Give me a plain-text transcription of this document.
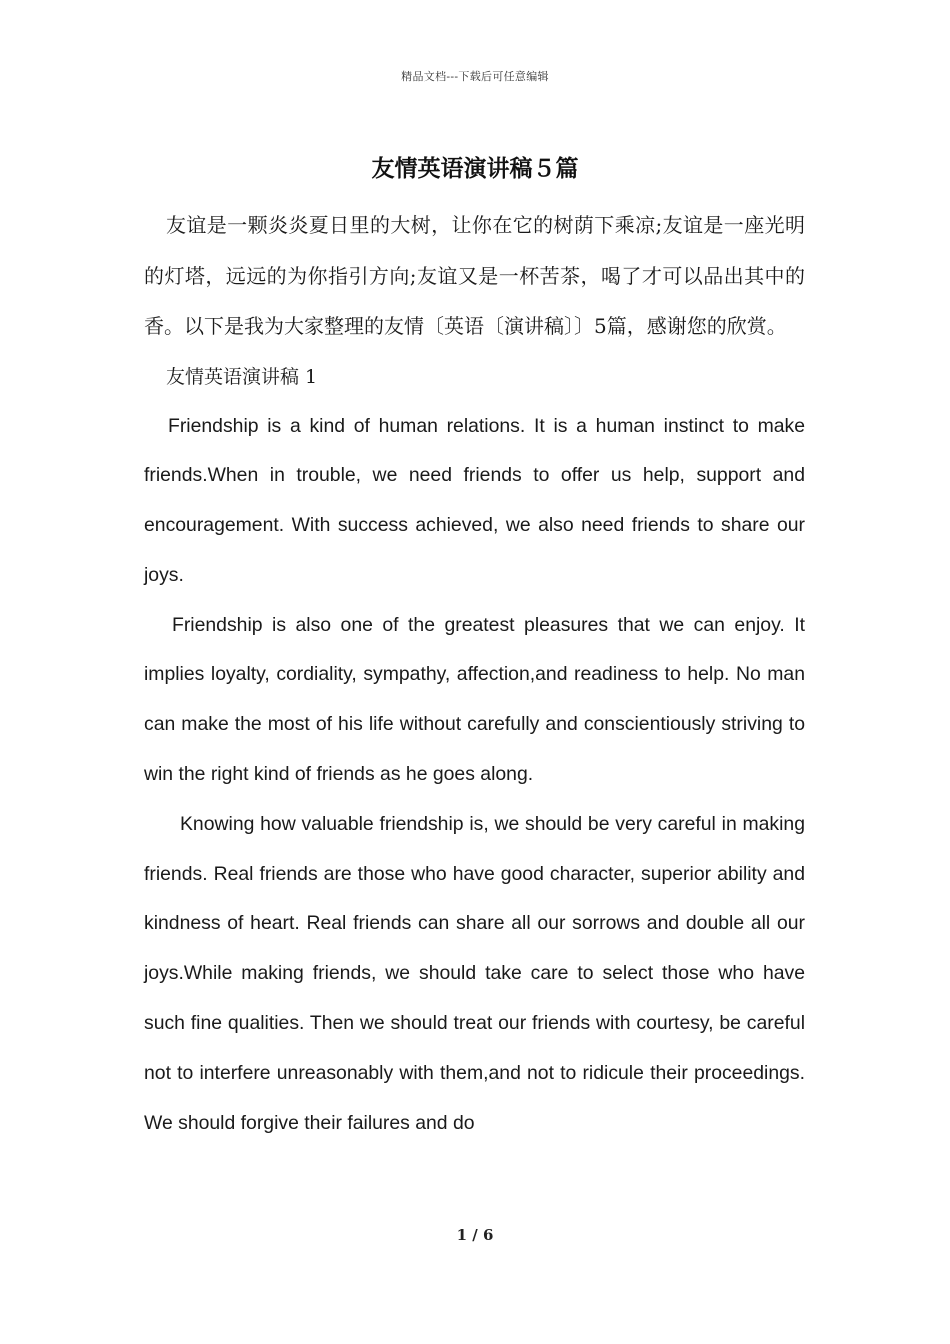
精品文档---下载后可任意编辑
友情英语演讲稿５篇

友谊是一颗炎炎夏日里的大树，让你在它的树荫下乘凉;友谊是一座光明的灯塔，远远的为你指引方向;友谊又是一杯苦茶，喝了才可以品出其中的香。以下是我为大家整理的友情〔英语〔演讲稿〕〕5篇，感谢您的欣赏。

友情英语演讲稿 1

Friendship is a kind of human relations. It is a human instinct to make friends.When in trouble, we need friends to offer us help, support and encouragement. With success achieved, we also need friends to share our joys.

Friendship is also one of the greatest pleasures that we can enjoy. It implies loyalty, cordiality, sympathy, affection,and readiness to help. No man can make the most of his life without carefully and conscientiously striving to win the right kind of friends as he goes along.

Knowing how valuable friendship is, we should be very careful in making friends. Real friends are those who have good character, superior ability and kindness of heart. Real friends can share all our sorrows and double all our joys.While making friends, we should take care to select those who have such fine qualities. Then we should treat our friends with courtesy, be careful not to interfere unreasonably with them,and not to ridicule their proceedings. We should forgive their failures and do

1 / 6
